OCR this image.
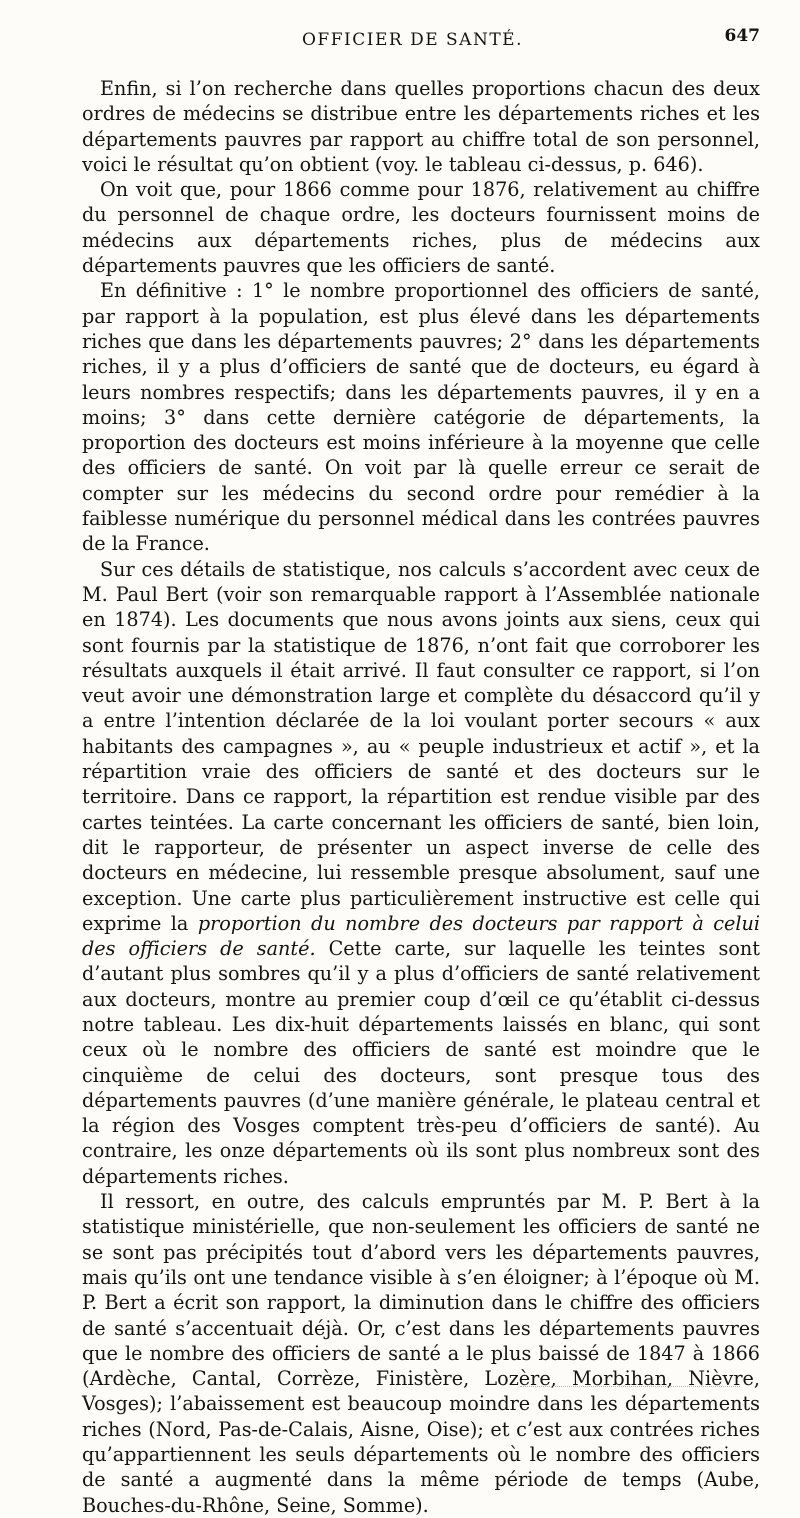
OFFICIER DE SANTÉ.	647

Enfin, si l’on recherche dans quelles proportions chacun des deux ordres de médecins se distribue entre les départements riches et les départements pauvres par rapport au chiffre total de son personnel, voici le résultat qu’on obtient (voy. le tableau ci-dessus, p. 646).

On voit que, pour 1866 comme pour 1876, relativement au chiffre du personnel de chaque ordre, les docteurs fournissent moins de médecins aux départements riches, plus de médecins aux départements pauvres que les officiers de santé.

En définitive : 1° le nombre proportionnel des officiers de santé, par rapport à la population, est plus élevé dans les départements riches que dans les départements pauvres; 2° dans les départements riches, il y a plus d’officiers de santé que de docteurs, eu égard à leurs nombres respectifs; dans les départements pauvres, il y en a moins; 3° dans cette dernière catégorie de départements, la proportion des docteurs est moins inférieure à la moyenne que celle des officiers de santé. On voit par là quelle erreur ce serait de compter sur les médecins du second ordre pour remédier à la faiblesse numérique du personnel médical dans les contrées pauvres de la France.

Sur ces détails de statistique, nos calculs s’accordent avec ceux de M. Paul Bert (voir son remarquable rapport à l’Assemblée nationale en 1874). Les documents que nous avons joints aux siens, ceux qui sont fournis par la statistique de 1876, n’ont fait que corroborer les résultats auxquels il était arrivé. Il faut consulter ce rapport, si l’on veut avoir une démonstration large et complète du désaccord qu’il y a entre l’intention déclarée de la loi voulant porter secours « aux habitants des campagnes », au « peuple industrieux et actif », et la répartition vraie des officiers de santé et des docteurs sur le territoire. Dans ce rapport, la répartition est rendue visible par des cartes teintées. La carte concernant les officiers de santé, bien loin, dit le rapporteur, de présenter un aspect inverse de celle des docteurs en médecine, lui ressemble presque absolument, sauf une exception. Une carte plus particulièrement instructive est celle qui exprime la proportion du nombre des docteurs par rapport à celui des officiers de santé. Cette carte, sur laquelle les teintes sont d’autant plus sombres qu’il y a plus d’officiers de santé relativement aux docteurs, montre au premier coup d’œil ce qu’établit ci-dessus notre tableau. Les dix-huit départements laissés en blanc, qui sont ceux où le nombre des officiers de santé est moindre que le cinquième de celui des docteurs, sont presque tous des départements pauvres (d’une manière générale, le plateau central et la région des Vosges comptent très-peu d’officiers de santé). Au contraire, les onze départements où ils sont plus nombreux sont des départements riches.

Il ressort, en outre, des calculs empruntés par M. P. Bert à la statistique ministérielle, que non-seulement les officiers de santé ne se sont pas précipités tout d’abord vers les départements pauvres, mais qu’ils ont une tendance visible à s’en éloigner; à l’époque où M. P. Bert a écrit son rapport, la diminution dans le chiffre des officiers de santé s’accentuait déjà. Or, c’est dans les départements pauvres que le nombre des officiers de santé a le plus baissé de 1847 à 1866 (Ardèche, Cantal, Corrèze, Finistère, Lozère, Morbihan, Nièvre, Vosges); l’abaissement est beaucoup moindre dans les départements riches (Nord, Pas-de-Calais, Aisne, Oise); et c’est aux contrées riches qu’appartiennent les seuls départements où le nombre des officiers de santé a augmenté dans la même période de temps (Aube, Bouches-du-Rhône, Seine, Somme).
